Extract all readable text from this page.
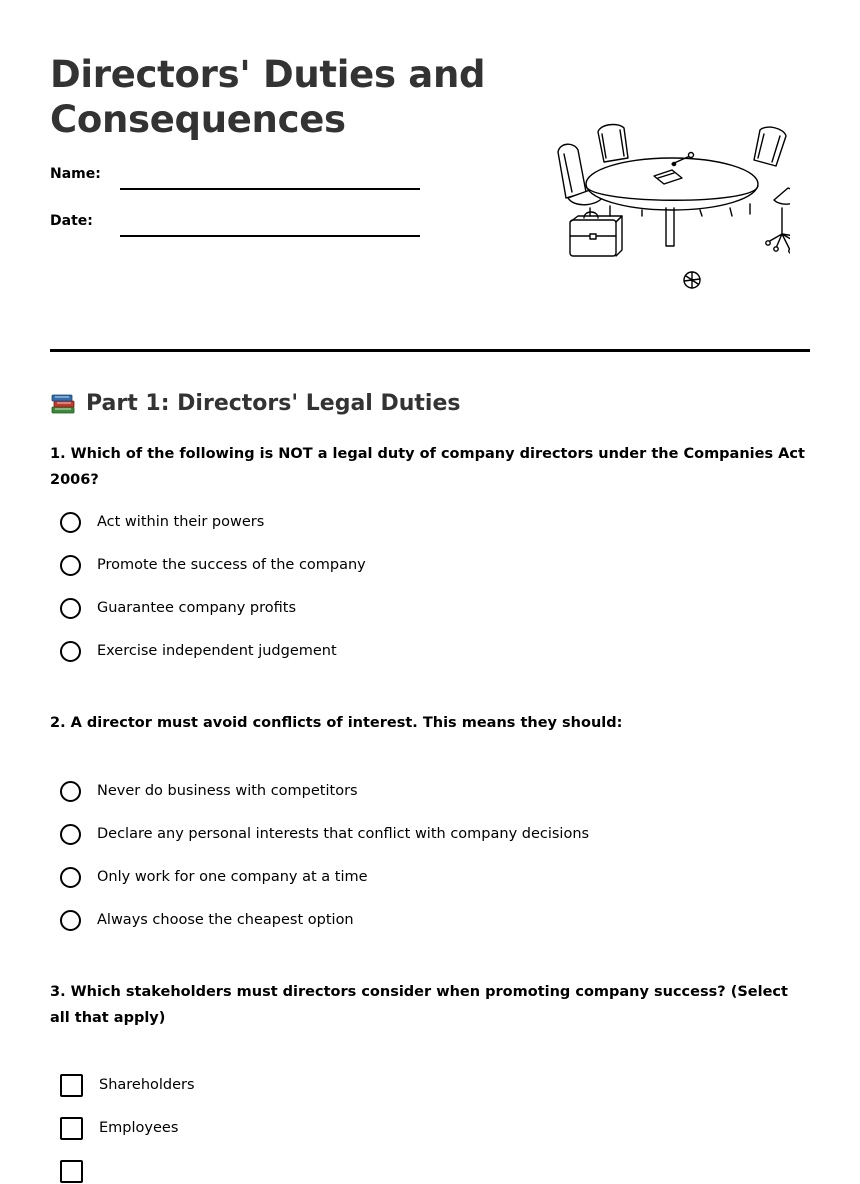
Directors' Duties and Consequences
Name:
Date:
Part 1: Directors' Legal Duties

1. Which of the following is NOT a legal duty of company directors under the Companies Act 2006?

Act within their powers
Promote the success of the company
Guarantee company profits
Exercise independent judgement

2. A director must avoid conflicts of interest. This means they should:

Never do business with competitors
Declare any personal interests that conflict with company decisions
Only work for one company at a time
Always choose the cheapest option

3. Which stakeholders must directors consider when promoting company success? (Select all that apply)

Shareholders
Employees
